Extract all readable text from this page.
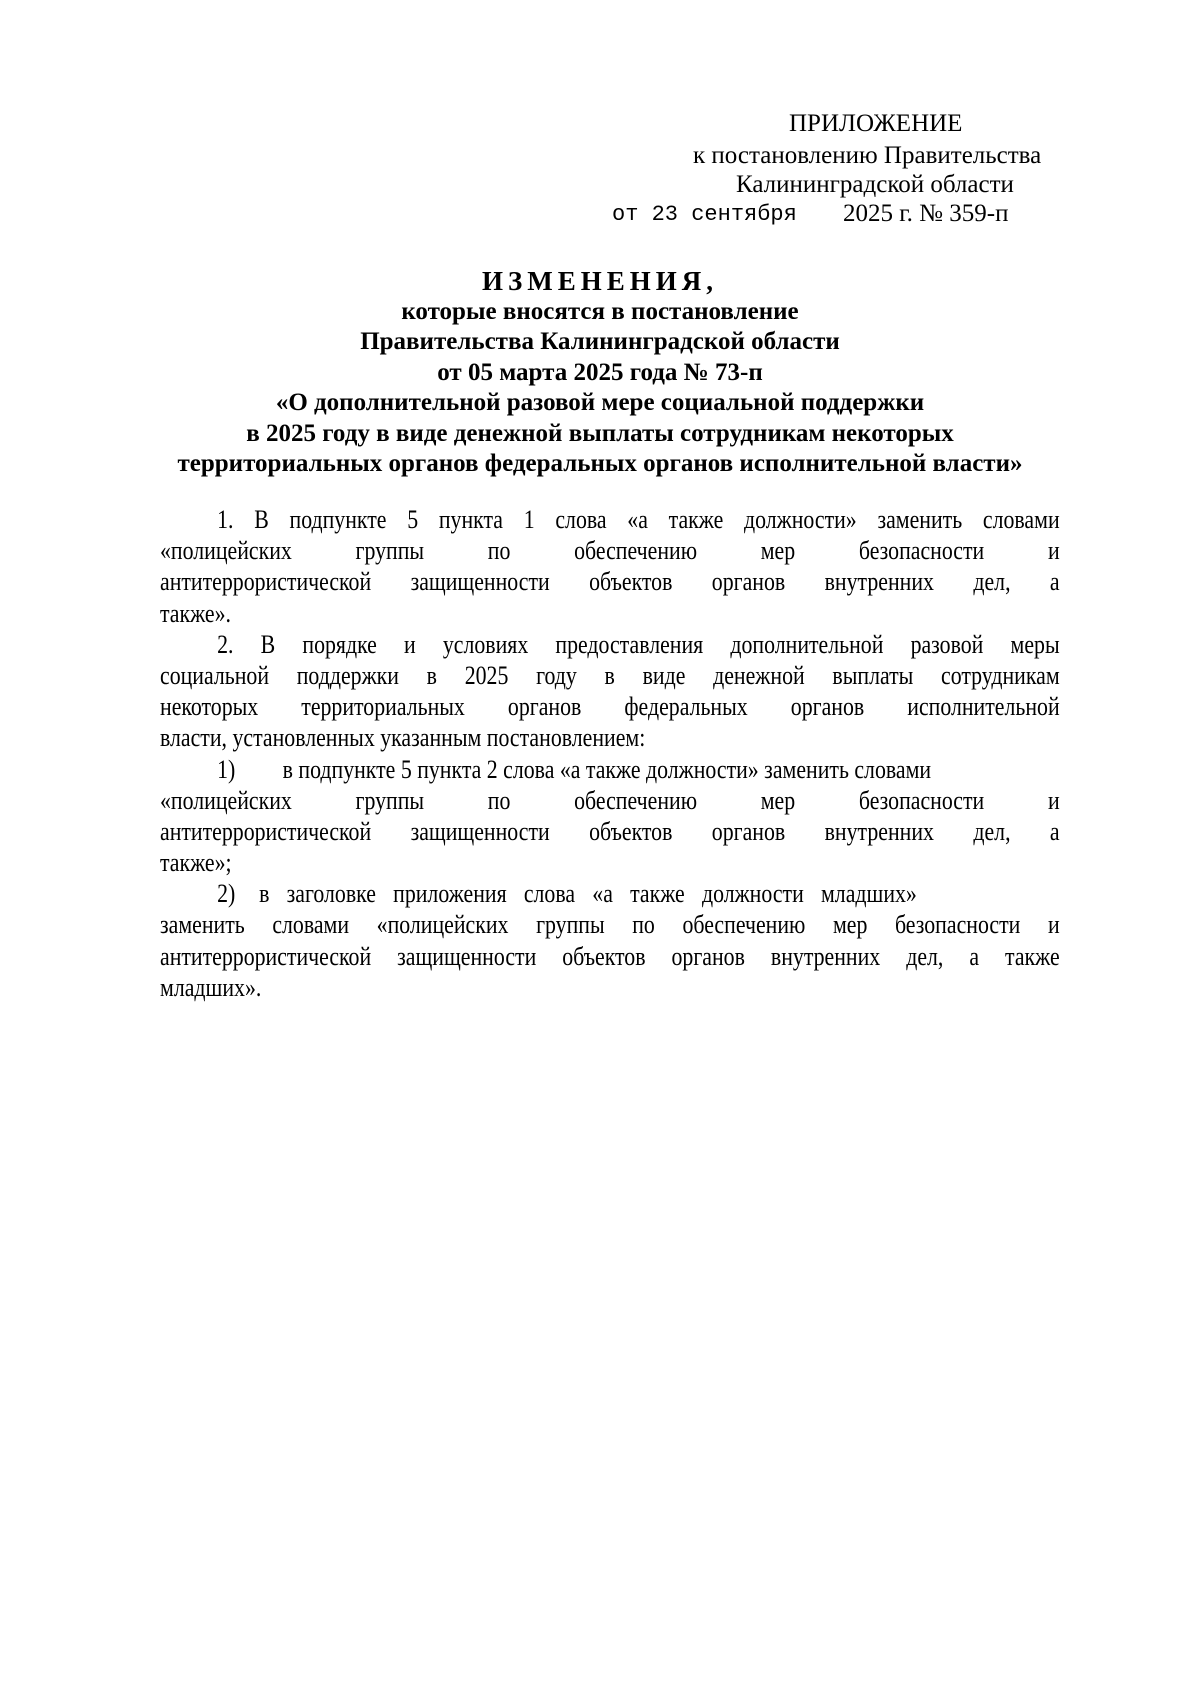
ПРИЛОЖЕНИЕ
к постановлению Правительства
Калининградской области
от 23 сентября 2025 г. № 359-п
ИЗМЕНЕНИЯ,
которые вносятся в постановление
Правительства Калининградской области
от 05 марта 2025 года № 73-п
«О дополнительной разовой мере социальной поддержки
в 2025 году в виде денежной выплаты сотрудникам некоторых
территориальных органов федеральных органов исполнительной власти»
1. В подпункте 5 пункта 1 слова «а также должности» заменить словами
«полицейских группы по обеспечению мер безопасности и
антитеррористической защищенности объектов органов внутренних дел, а
также».
2. В порядке и условиях предоставления дополнительной разовой меры
социальной поддержки в 2025 году в виде денежной выплаты сотрудникам
некоторых территориальных органов федеральных органов исполнительной
власти, установленных указанным постановлением:
1) в подпункте 5 пункта 2 слова «а также должности» заменить словами
«полицейских группы по обеспечению мер безопасности и
антитеррористической защищенности объектов органов внутренних дел, а
также»;
2) в заголовке приложения слова «а также должности младших»
заменить словами «полицейских группы по обеспечению мер безопасности и
антитеррористической защищенности объектов органов внутренних дел, а также
младших».
